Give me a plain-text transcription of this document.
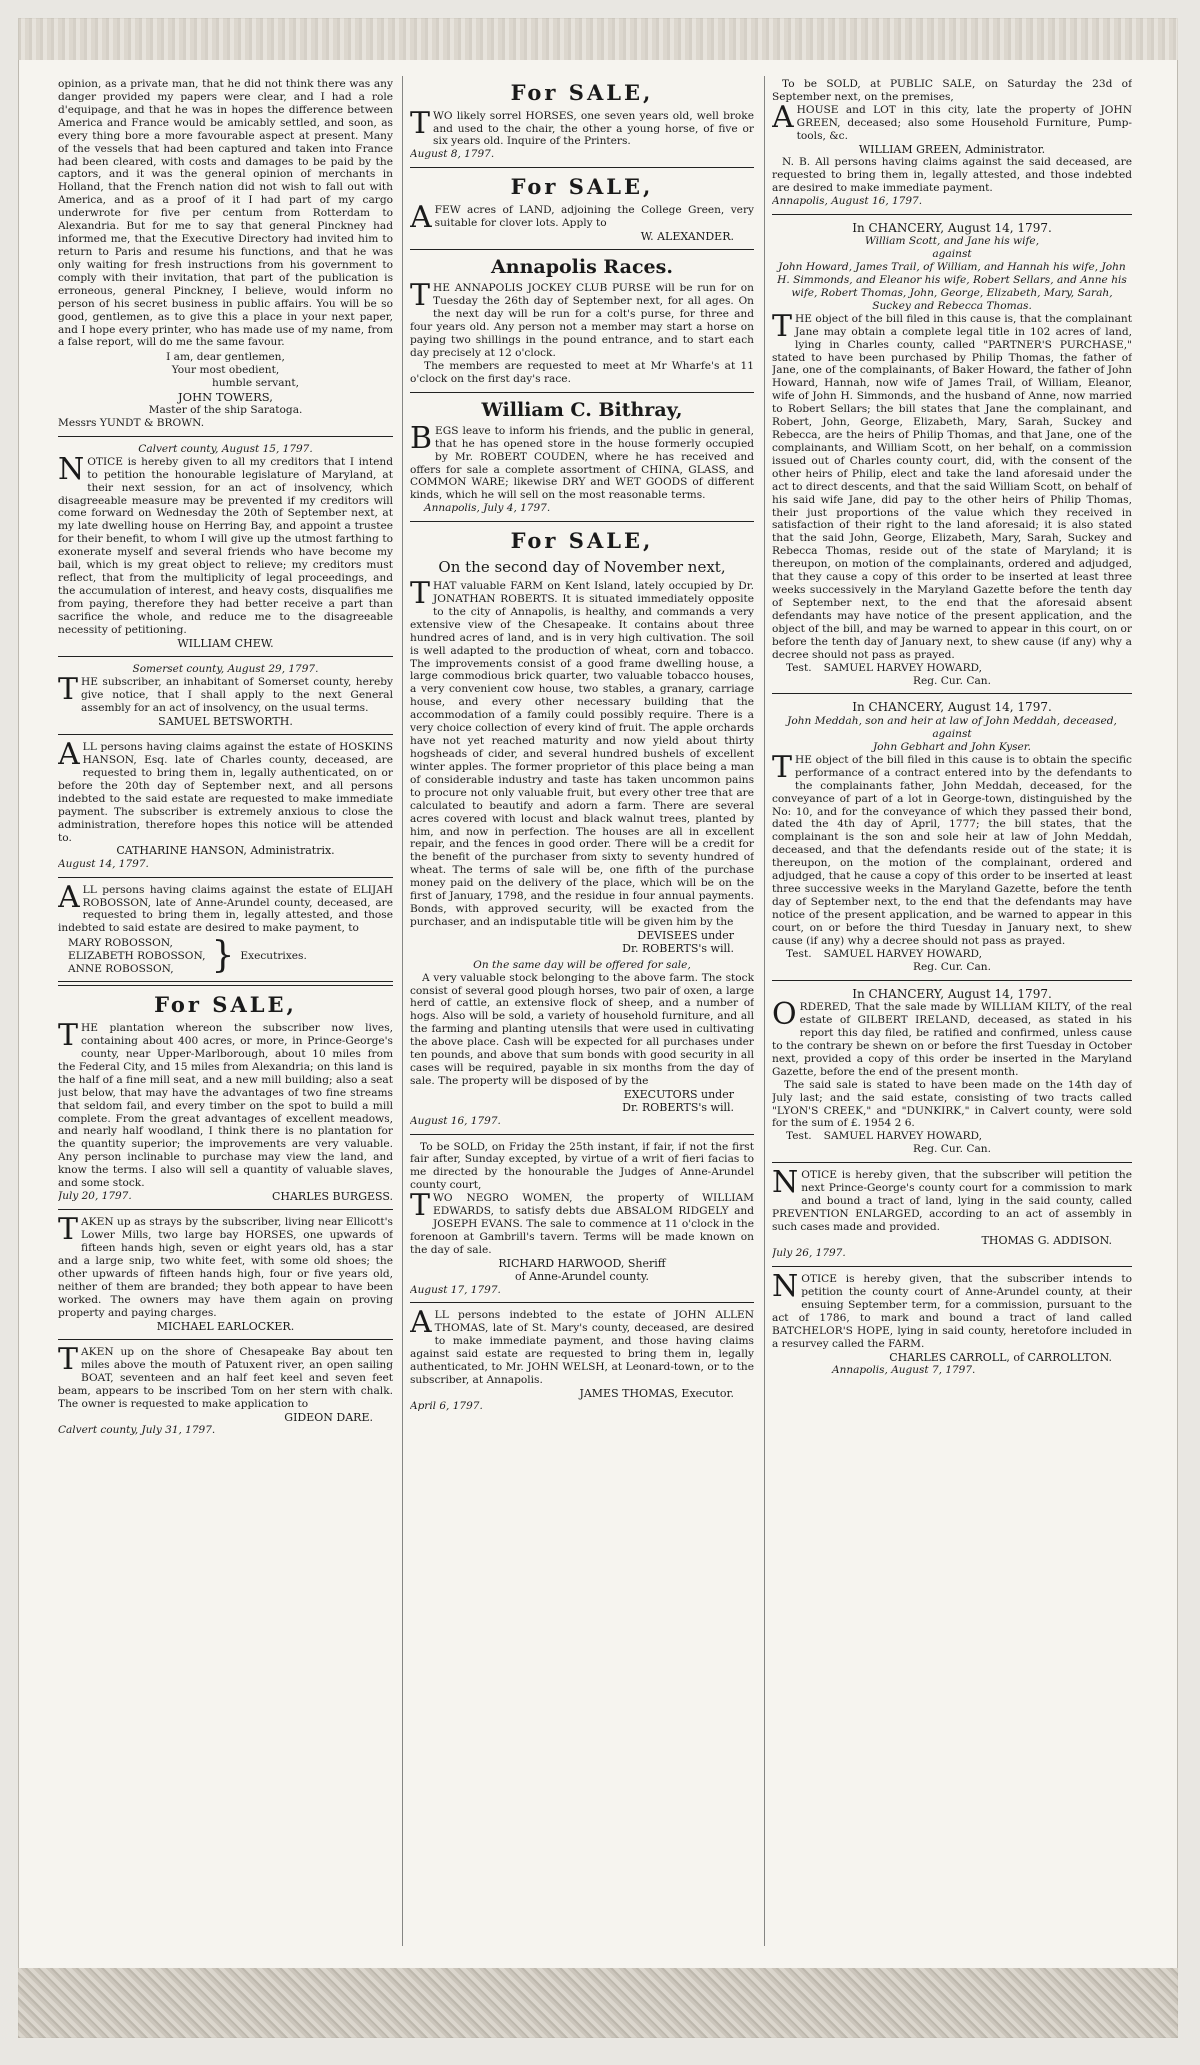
opinion, as a private man, that he did not think there was any danger provided my papers were clear, and I had a role d'equipage, and that he was in hopes the difference between America and France would be amicably settled, and soon, as every thing bore a more favourable aspect at present. Many of the vessels that had been captured and taken into France had been cleared, with costs and damages to be paid by the captors, and it was the general opinion of merchants in Holland, that the French nation did not wish to fall out with America, and as a proof of it I had part of my cargo underwrote for five per centum from Rotterdam to Alexandria. But for me to say that general Pinckney had informed me, that the Executive Directory had invited him to return to Paris and resume his functions, and that he was only waiting for fresh instructions from his government to comply with their invitation, that part of the publication is erroneous, general Pinckney, I believe, would inform no person of his secret business in public affairs. You will be so good, gentlemen, as to give this a place in your next paper, and I hope every printer, who has made use of my name, from a false report, will do me the same favour.

I am, dear gentlemen,
Your most obedient,
humble servant,
JOHN TOWERS,
Master of the ship Saratoga.
Messrs YUNDT & BROWN.
Calvert county, August 15, 1797.

NOTICE is hereby given to all my creditors that I intend to petition the honourable legislature of Maryland, at their next session, for an act of insolvency, which disagreeable measure may be prevented if my creditors will come forward on Wednesday the 20th of September next, at my late dwelling house on Herring Bay, and appoint a trustee for their benefit, to whom I will give up the utmost farthing to exonerate myself and several friends who have become my bail, which is my great object to relieve; my creditors must reflect, that from the multiplicity of legal proceedings, and the accumulation of interest, and heavy costs, disqualifies me from paying, therefore they had better receive a part than sacrifice the whole, and reduce me to the disagreeable necessity of petitioning.

WILLIAM CHEW.
Somerset county, August 29, 1797.

THE subscriber, an inhabitant of Somerset county, hereby give notice, that I shall apply to the next General assembly for an act of insolvency, on the usual terms.

SAMUEL BETSWORTH.

ALL persons having claims against the estate of HOSKINS HANSON, Esq. late of Charles county, deceased, are requested to bring them in, legally authenticated, on or before the 20th day of September next, and all persons indebted to the said estate are requested to make immediate payment. The subscriber is extremely anxious to close the administration, therefore hopes this notice will be attended to.

CATHARINE HANSON, Administratrix.
August 14, 1797.

ALL persons having claims against the estate of ELIJAH ROBOSSON, late of Anne-Arundel county, deceased, are requested to bring them in, legally attested, and those indebted to said estate are desired to make payment, to

MARY ROBOSSON,
ELIZABETH ROBOSSON,
ANNE ROBOSSON,	} Executrixes.
For SALE,

THE plantation whereon the subscriber now lives, containing about 400 acres, or more, in Prince-George's county, near Upper-Marlborough, about 10 miles from the Federal City, and 15 miles from Alexandria; on this land is the half of a fine mill seat, and a new mill building; also a seat just below, that may have the advantages of two fine streams that seldom fail, and every timber on the spot to build a mill complete. From the great advantages of excellent meadows, and nearly half woodland, I think there is no plantation for the quantity superior; the improvements are very valuable. Any person inclinable to purchase may view the land, and know the terms. I also will sell a quantity of valuable slaves, and some stock.

July 20, 1797.	CHARLES BURGESS.

TAKEN up as strays by the subscriber, living near Ellicott's Lower Mills, two large bay HORSES, one upwards of fifteen hands high, seven or eight years old, has a star and a large snip, two white feet, with some old shoes; the other upwards of fifteen hands high, four or five years old, neither of them are branded; they both appear to have been worked. The owners may have them again on proving property and paying charges.

MICHAEL EARLOCKER.

TAKEN up on the shore of Chesapeake Bay about ten miles above the mouth of Patuxent river, an open sailing BOAT, seventeen and an half feet keel and seven feet beam, appears to be inscribed Tom on her stern with chalk. The owner is requested to make application to

GIDEON DARE.
Calvert county, July 31, 1797.
For SALE,

TWO likely sorrel HORSES, one seven years old, well broke and used to the chair, the other a young horse, of five or six years old. Inquire of the Printers.

August 8, 1797.
For SALE,

AFEW acres of LAND, adjoining the College Green, very suitable for clover lots. Apply to

W. ALEXANDER.
Annapolis Races.

THE ANNAPOLIS JOCKEY CLUB PURSE will be run for on Tuesday the 26th day of September next, for all ages. On the next day will be run for a colt's purse, for three and four years old. Any person not a member may start a horse on paying two shillings in the pound entrance, and to start each day precisely at 12 o'clock.

The members are requested to meet at Mr Wharfe's at 11 o'clock on the first day's race.

William C. Bithray,

BEGS leave to inform his friends, and the public in general, that he has opened store in the house formerly occupied by Mr. ROBERT COUDEN, where he has received and offers for sale a complete assortment of CHINA, GLASS, and COMMON WARE; likewise DRY and WET GOODS of different kinds, which he will sell on the most reasonable terms.

Annapolis, July 4, 1797.
For SALE,
On the second day of November next,

THAT valuable FARM on Kent Island, lately occupied by Dr. JONATHAN ROBERTS. It is situated immediately opposite to the city of Annapolis, is healthy, and commands a very extensive view of the Chesapeake. It contains about three hundred acres of land, and is in very high cultivation. The soil is well adapted to the production of wheat, corn and tobacco. The improvements consist of a good frame dwelling house, a large commodious brick quarter, two valuable tobacco houses, a very convenient cow house, two stables, a granary, carriage house, and every other necessary building that the accommodation of a family could possibly require. There is a very choice collection of every kind of fruit. The apple orchards have not yet reached maturity and now yield about thirty hogsheads of cider, and several hundred bushels of excellent winter apples. The former proprietor of this place being a man of considerable industry and taste has taken uncommon pains to procure not only valuable fruit, but every other tree that are calculated to beautify and adorn a farm. There are several acres covered with locust and black walnut trees, planted by him, and now in perfection. The houses are all in excellent repair, and the fences in good order. There will be a credit for the benefit of the purchaser from sixty to seventy hundred of wheat. The terms of sale will be, one fifth of the purchase money paid on the delivery of the place, which will be on the first of January, 1798, and the residue in four annual payments. Bonds, with approved security, will be exacted from the purchaser, and an indisputable title will be given him by the

DEVISEES under
Dr. ROBERTS's will.
On the same day will be offered for sale,

A very valuable stock belonging to the above farm. The stock consist of several good plough horses, two pair of oxen, a large herd of cattle, an extensive flock of sheep, and a number of hogs. Also will be sold, a variety of household furniture, and all the farming and planting utensils that were used in cultivating the above place. Cash will be expected for all purchases under ten pounds, and above that sum bonds with good security in all cases will be required, payable in six months from the day of sale. The property will be disposed of by the

EXECUTORS under
Dr. ROBERTS's will.
August 16, 1797.

To be SOLD, on Friday the 25th instant, if fair, if not the first fair after, Sunday excepted, by virtue of a writ of fieri facias to me directed by the honourable the Judges of Anne-Arundel county court,

TWO NEGRO WOMEN, the property of WILLIAM EDWARDS, to satisfy debts due ABSALOM RIDGELY and JOSEPH EVANS. The sale to commence at 11 o'clock in the forenoon at Gambrill's tavern. Terms will be made known on the day of sale.

RICHARD HARWOOD, Sheriff
of Anne-Arundel county.
August 17, 1797.

ALL persons indebted to the estate of JOHN ALLEN THOMAS, late of St. Mary's county, deceased, are desired to make immediate payment, and those having claims against said estate are requested to bring them in, legally authenticated, to Mr. JOHN WELSH, at Leonard-town, or to the subscriber, at Annapolis.

JAMES THOMAS, Executor.
April 6, 1797.

To be SOLD, at PUBLIC SALE, on Saturday the 23d of September next, on the premises,

AHOUSE and LOT in this city, late the property of JOHN GREEN, deceased; also some Household Furniture, Pump-tools, &c.

WILLIAM GREEN, Administrator.

N. B. All persons having claims against the said deceased, are requested to bring them in, legally attested, and those indebted are desired to make immediate payment.

Annapolis, August 16, 1797.
In CHANCERY, August 14, 1797.
William Scott, and Jane his wife,
against
John Howard, James Trail, of William, and Hannah his wife, John H. Simmonds, and Eleanor his wife, Robert Sellars, and Anne his wife, Robert Thomas, John, George, Elizabeth, Mary, Sarah, Suckey and Rebecca Thomas.

THE object of the bill filed in this cause is, that the complainant Jane may obtain a complete legal title in 102 acres of land, lying in Charles county, called "PARTNER'S PURCHASE," stated to have been purchased by Philip Thomas, the father of Jane, one of the complainants, of Baker Howard, the father of John Howard, Hannah, now wife of James Trail, of William, Eleanor, wife of John H. Simmonds, and the husband of Anne, now married to Robert Sellars; the bill states that Jane the complainant, and Robert, John, George, Elizabeth, Mary, Sarah, Suckey and Rebecca, are the heirs of Philip Thomas, and that Jane, one of the complainants, and William Scott, on her behalf, on a commission issued out of Charles county court, did, with the consent of the other heirs of Philip, elect and take the land aforesaid under the act to direct descents, and that the said William Scott, on behalf of his said wife Jane, did pay to the other heirs of Philip Thomas, their just proportions of the value which they received in satisfaction of their right to the land aforesaid; it is also stated that the said John, George, Elizabeth, Mary, Sarah, Suckey and Rebecca Thomas, reside out of the state of Maryland; it is thereupon, on motion of the complainants, ordered and adjudged, that they cause a copy of this order to be inserted at least three weeks successively in the Maryland Gazette before the tenth day of September next, to the end that the aforesaid absent defendants may have notice of the present application, and the object of the bill, and may be warned to appear in this court, on or before the tenth day of January next, to shew cause (if any) why a decree should not pass as prayed.

Test. SAMUEL HARVEY HOWARD,
Reg. Cur. Can.
In CHANCERY, August 14, 1797.
John Meddah, son and heir at law of John Meddah, deceased,
against
John Gebhart and John Kyser.

THE object of the bill filed in this cause is to obtain the specific performance of a contract entered into by the defendants to the complainants father, John Meddah, deceased, for the conveyance of part of a lot in George-town, distinguished by the No: 10, and for the conveyance of which they passed their bond, dated the 4th day of April, 1777; the bill states, that the complainant is the son and sole heir at law of John Meddah, deceased, and that the defendants reside out of the state; it is thereupon, on the motion of the complainant, ordered and adjudged, that he cause a copy of this order to be inserted at least three successive weeks in the Maryland Gazette, before the tenth day of September next, to the end that the defendants may have notice of the present application, and be warned to appear in this court, on or before the third Tuesday in January next, to shew cause (if any) why a decree should not pass as prayed.

Test. SAMUEL HARVEY HOWARD,
Reg. Cur. Can.
In CHANCERY, August 14, 1797.

ORDERED, That the sale made by WILLIAM KILTY, of the real estate of GILBERT IRELAND, deceased, as stated in his report this day filed, be ratified and confirmed, unless cause to the contrary be shewn on or before the first Tuesday in October next, provided a copy of this order be inserted in the Maryland Gazette, before the end of the present month.

The said sale is stated to have been made on the 14th day of July last; and the said estate, consisting of two tracts called "LYON'S CREEK," and "DUNKIRK," in Calvert county, were sold for the sum of £. 1954 2 6.

Test. SAMUEL HARVEY HOWARD,
Reg. Cur. Can.

NOTICE is hereby given, that the subscriber will petition the next Prince-George's county court for a commission to mark and bound a tract of land, lying in the said county, called PREVENTION ENLARGED, according to an act of assembly in such cases made and provided.

THOMAS G. ADDISON.
July 26, 1797.

NOTICE is hereby given, that the subscriber intends to petition the county court of Anne-Arundel county, at their ensuing September term, for a commission, pursuant to the act of 1786, to mark and bound a tract of land called BATCHELOR'S HOPE, lying in said county, heretofore included in a resurvey called the FARM.

CHARLES CARROLL, of CARROLLTON.
Annapolis, August 7, 1797.
